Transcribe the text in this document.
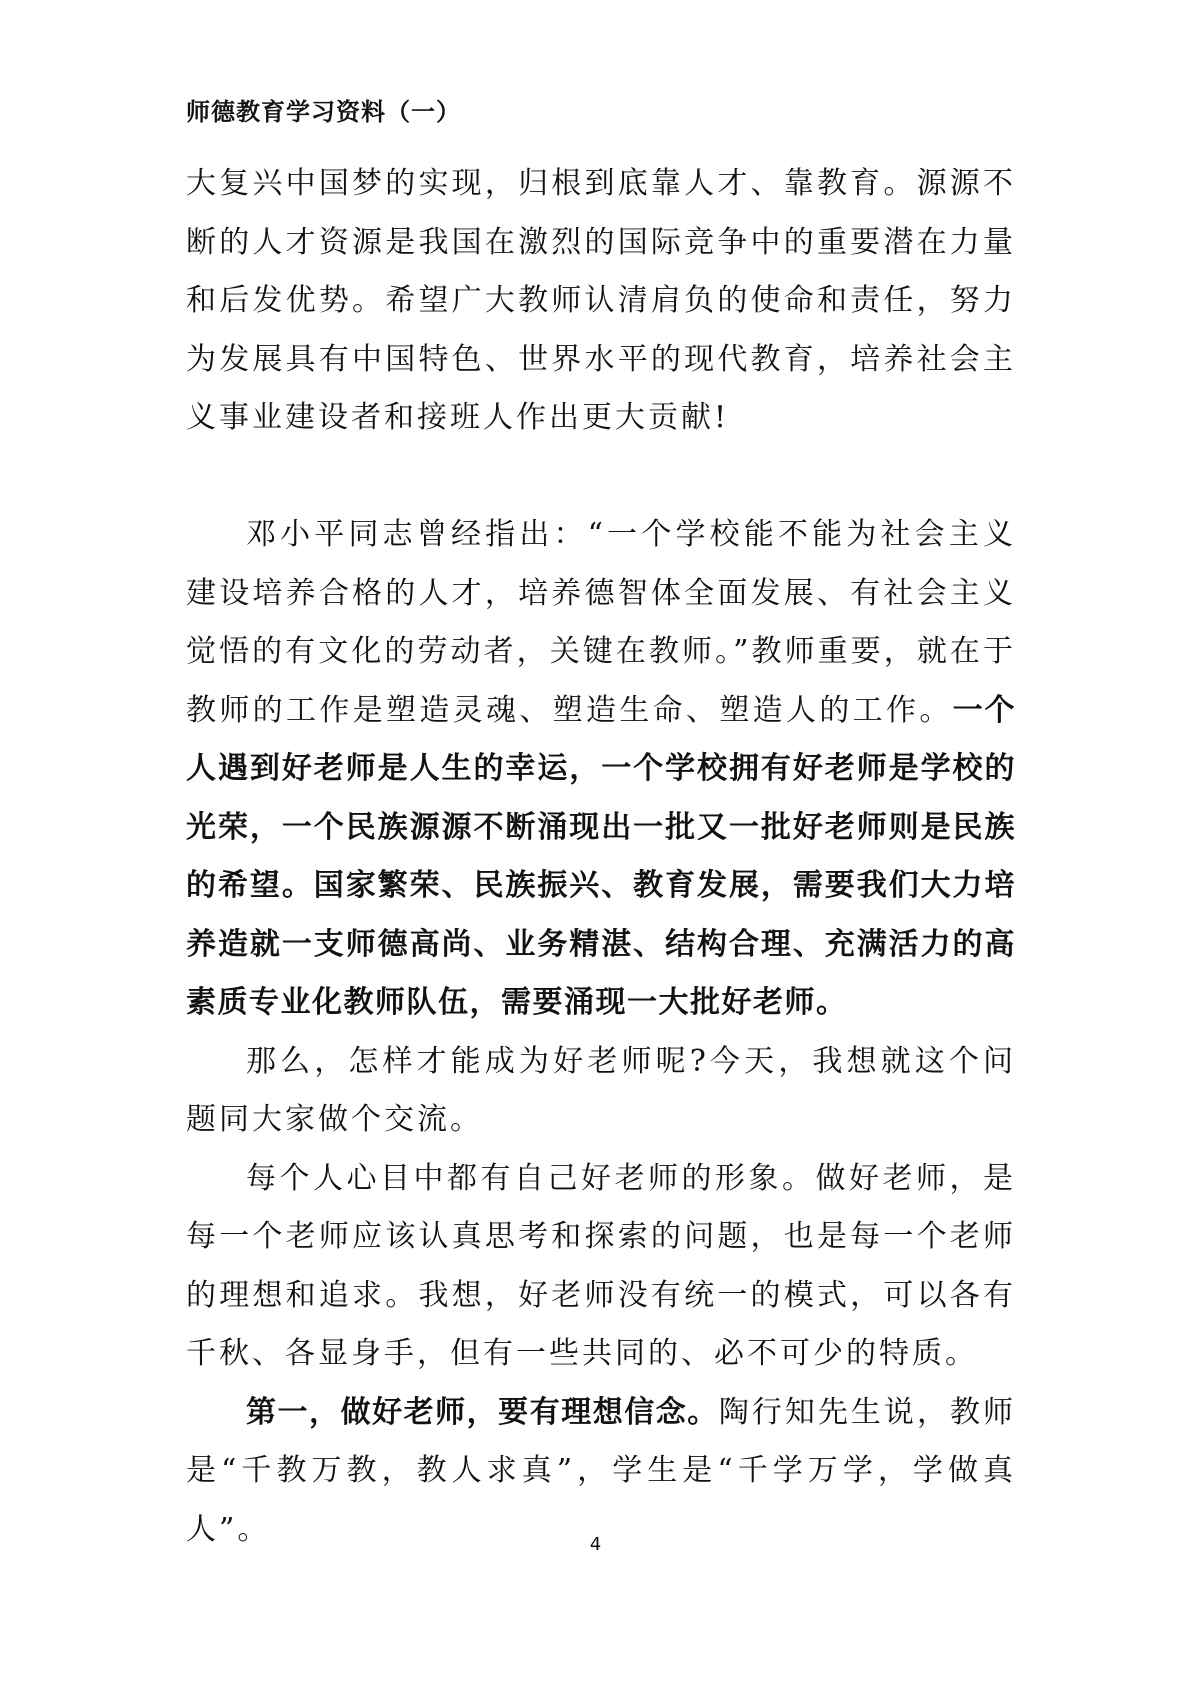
师德教育学习资料（一）

大复兴中国梦的实现，归根到底靠人才、靠教育。源源不断的人才资源是我国在激烈的国际竞争中的重要潜在力量和后发优势。希望广大教师认清肩负的使命和责任，努力为发展具有中国特色、世界水平的现代教育，培养社会主义事业建设者和接班人作出更大贡献!

邓小平同志曾经指出：“一个学校能不能为社会主义建设培养合格的人才，培养德智体全面发展、有社会主义觉悟的有文化的劳动者，关键在教师。”教师重要，就在于教师的工作是塑造灵魂、塑造生命、塑造人的工作。一个人遇到好老师是人生的幸运，一个学校拥有好老师是学校的光荣，一个民族源源不断涌现出一批又一批好老师则是民族的希望。国家繁荣、民族振兴、教育发展，需要我们大力培养造就一支师德高尚、业务精湛、结构合理、充满活力的高素质专业化教师队伍，需要涌现一大批好老师。

那么，怎样才能成为好老师呢?今天，我想就这个问题同大家做个交流。

每个人心目中都有自己好老师的形象。做好老师，是每一个老师应该认真思考和探索的问题，也是每一个老师的理想和追求。我想，好老师没有统一的模式，可以各有千秋、各显身手，但有一些共同的、必不可少的特质。

第一，做好老师，要有理想信念。陶行知先生说，教师是“千教万教，教人求真”，学生是“千学万学，学做真人”。	4
